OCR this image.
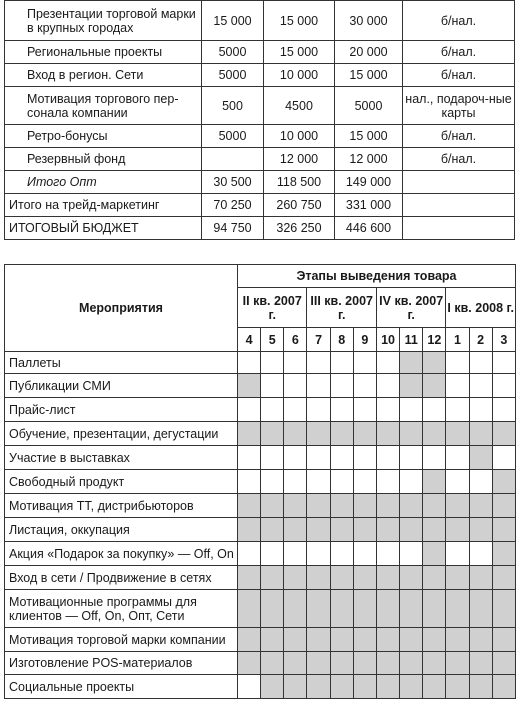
Презентации торговой марки в крупных городах	15 000	15 000	30 000	б/нал.
Региональные проекты	5000	15 000	20 000	б/нал.
Вход в регион. Сети	5000	10 000	15 000	б/нал.
Мотивация торгового пер-сонала компании	500	4500	5000	нал., подароч-ные карты
Ретро-бонусы	5000	10 000	15 000	б/нал.
Резервный фонд		12 000	12 000	б/нал.
Итого Опт	30 500	118 500	149 000	
Итого на трейд-маркетинг	70 250	260 750	331 000	
ИТОГОВЫЙ БЮДЖЕТ	94 750	326 250	446 600	
Мероприятия	Этапы выведения товара											
	II кв. 2007 г.			III кв. 2007 г.			IV кв. 2007 г.			I кв. 2008 г.		
	4	5	6	7	8	9	10	11	12	1	2	3
Паллеты												
Публикации СМИ												
Прайс-лист												
Обучение, презентации, дегустации												
Участие в выставках												
Свободный продукт												
Мотивация ТТ, дистрибьюторов												
Листация, оккупация												
Акция «Подарок за покупку» — Off, On												
Вход в сети / Продвижение в сетях												
Мотивационные программы для клиентов — Off, On, Опт, Сети												
Мотивация торговой марки компании												
Изготовление POS-материалов												
Социальные проекты												
